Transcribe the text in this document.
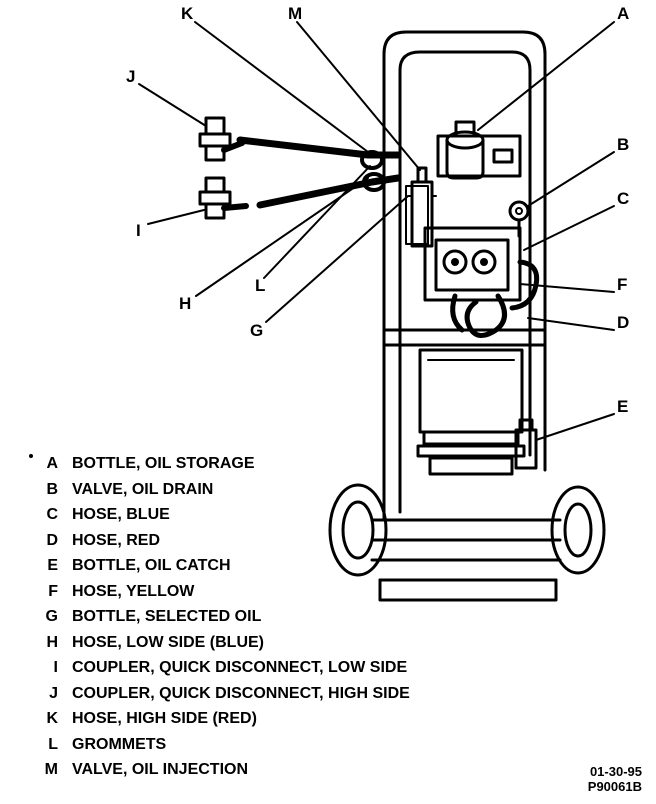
A
B
C
F
D
E
K	M
J
I
H
L
G
A BOTTLE, OIL STORAGE
B VALVE, OIL DRAIN
C HOSE, BLUE
D HOSE, RED
E BOTTLE, OIL CATCH
F HOSE, YELLOW
G BOTTLE, SELECTED OIL
H HOSE, LOW SIDE (BLUE)
I COUPLER, QUICK DISCONNECT, LOW SIDE
J COUPLER, QUICK DISCONNECT, HIGH SIDE
K HOSE, HIGH SIDE (RED)
L GROMMETS
M VALVE, OIL INJECTION	01-30-95
P90061B
